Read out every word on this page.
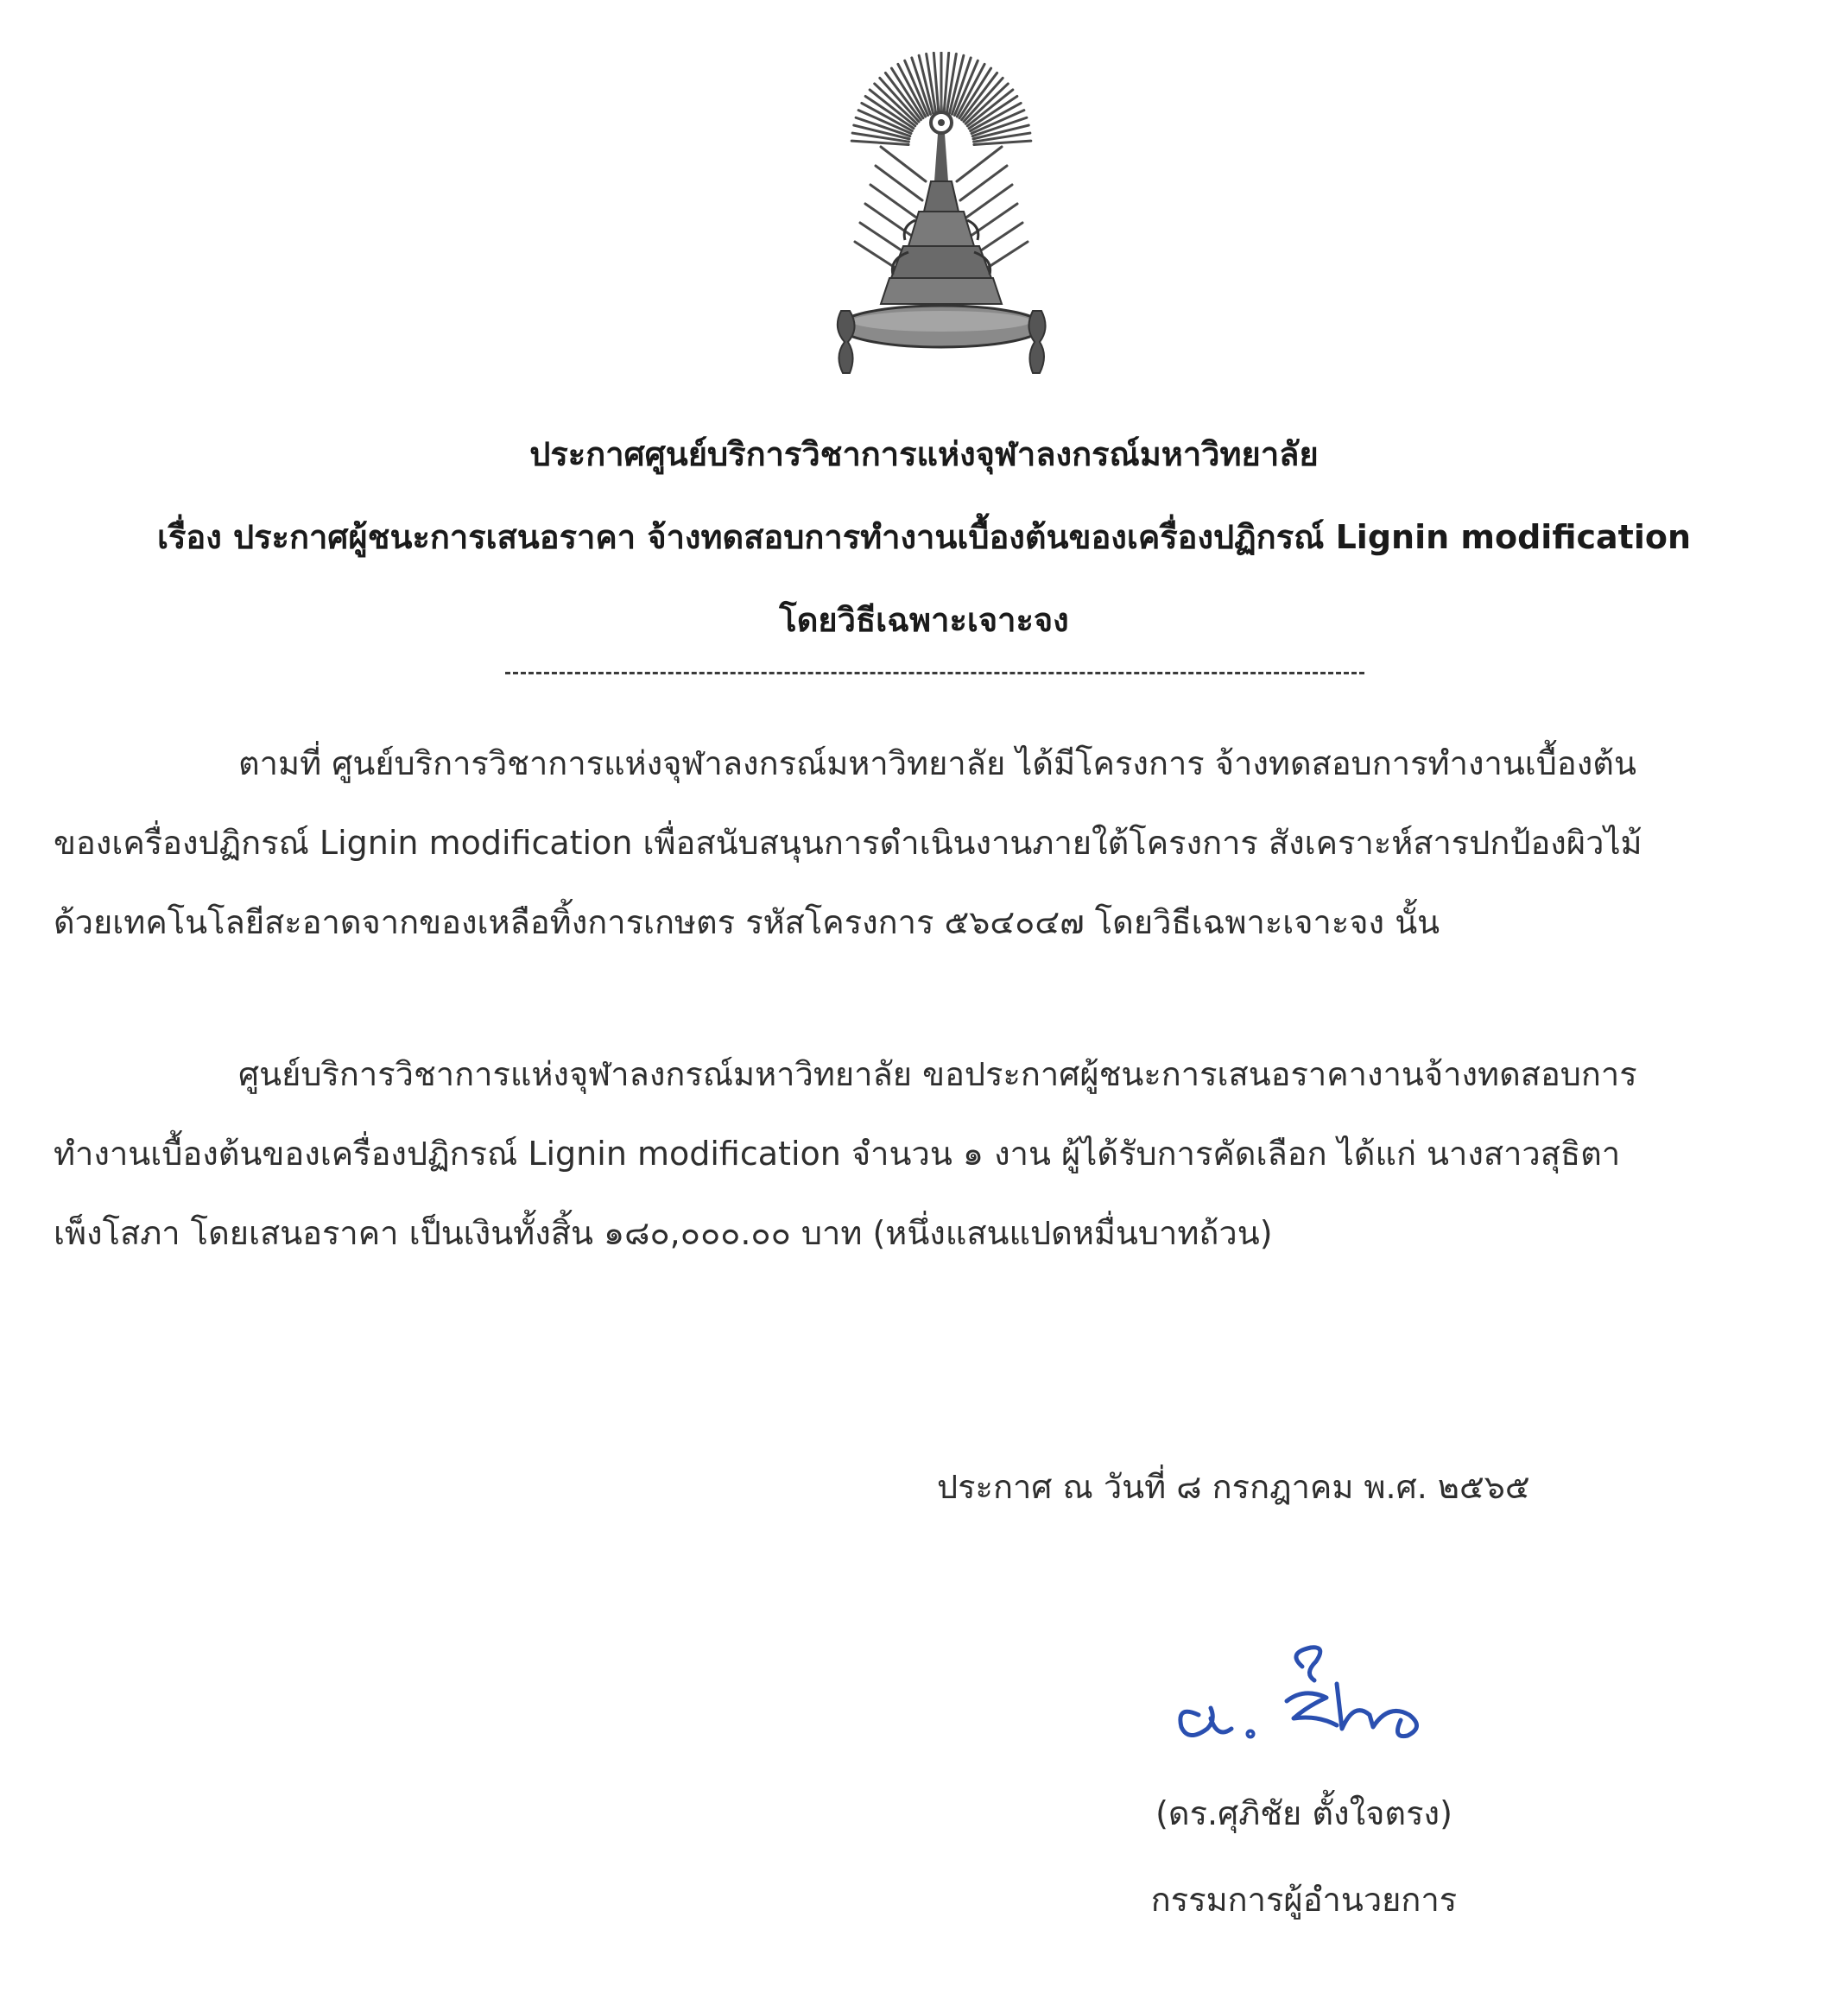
ประกาศศูนย์บริการวิชาการแห่งจุฬาลงกรณ์มหาวิทยาลัย
เรื่อง ประกาศผู้ชนะการเสนอราคา จ้างทดสอบการทำงานเบื้องต้นของเครื่องปฏิกรณ์ Lignin modification
โดยวิธีเฉพาะเจาะจง
ตามที่ ศูนย์บริการวิชาการแห่งจุฬาลงกรณ์มหาวิทยาลัย ได้มีโครงการ จ้างทดสอบการทำงานเบื้องต้น
ของเครื่องปฏิกรณ์ Lignin modification เพื่อสนับสนุนการดำเนินงานภายใต้โครงการ สังเคราะห์สารปกป้องผิวไม้
ด้วยเทคโนโลยีสะอาดจากของเหลือทิ้งการเกษตร รหัสโครงการ ๕๖๔๐๔๗ โดยวิธีเฉพาะเจาะจง นั้น
ศูนย์บริการวิชาการแห่งจุฬาลงกรณ์มหาวิทยาลัย ขอประกาศผู้ชนะการเสนอราคางานจ้างทดสอบการ
ทำงานเบื้องต้นของเครื่องปฏิกรณ์ Lignin modification จำนวน ๑ งาน ผู้ได้รับการคัดเลือก ได้แก่ นางสาวสุธิตา
เพ็งโสภา โดยเสนอราคา เป็นเงินทั้งสิ้น ๑๘๐,๐๐๐.๐๐ บาท (หนึ่งแสนแปดหมื่นบาทถ้วน)
ประกาศ ณ วันที่ ๘ กรกฎาคม พ.ศ. ๒๕๖๕
(ดร.ศุภิชัย ตั้งใจตรง)
กรรมการผู้อำนวยการ
